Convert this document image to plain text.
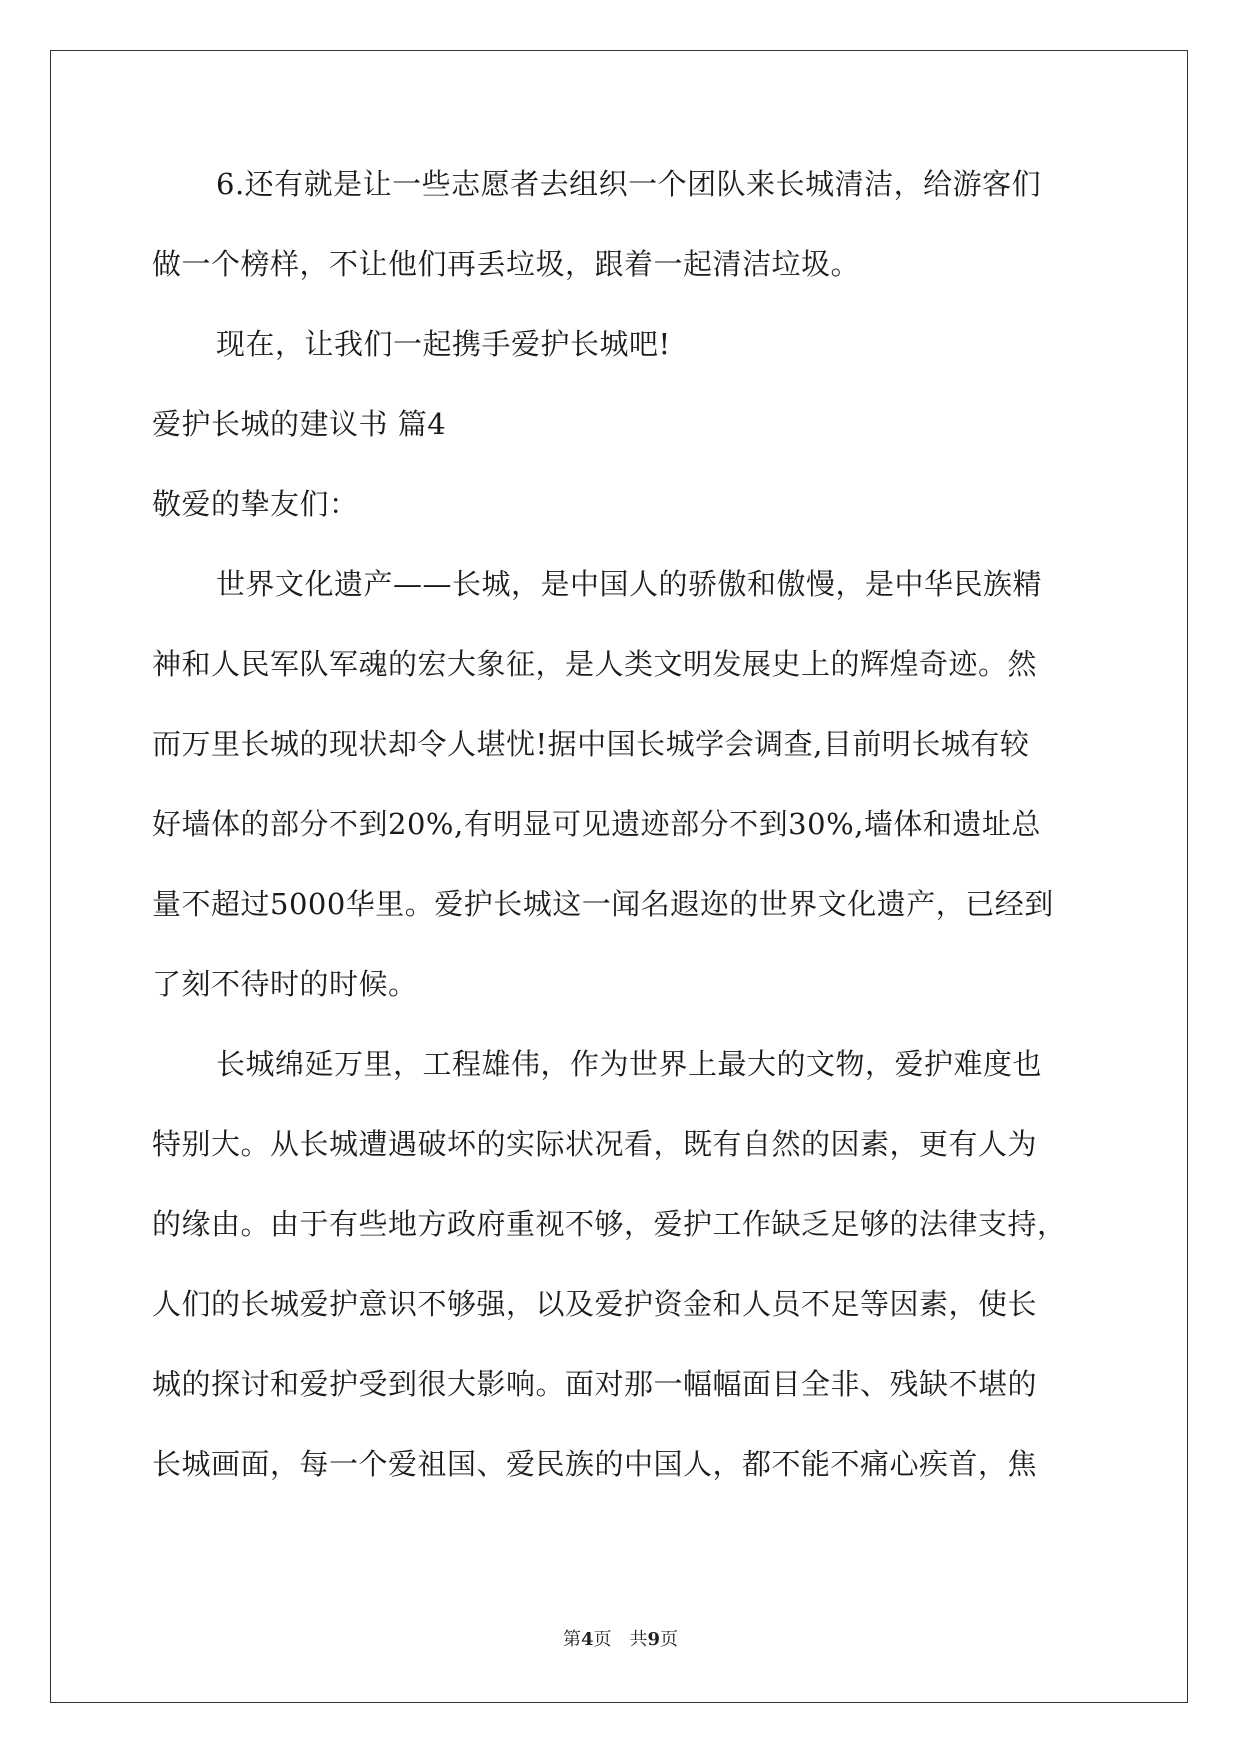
6.还有就是让一些志愿者去组织一个团队来长城清洁，给游客们
做一个榜样，不让他们再丢垃圾，跟着一起清洁垃圾。
现在，让我们一起携手爱护长城吧!
爱护长城的建议书 篇4
敬爱的挚友们：
世界文化遗产——长城，是中国人的骄傲和傲慢，是中华民族精
神和人民军队军魂的宏大象征，是人类文明发展史上的辉煌奇迹。然
而万里长城的现状却令人堪忧!据中国长城学会调查,目前明长城有较
好墙体的部分不到20%,有明显可见遗迹部分不到30%,墙体和遗址总
量不超过5000华里。爱护长城这一闻名遐迩的世界文化遗产，已经到
了刻不待时的时候。
长城绵延万里，工程雄伟，作为世界上最大的文物，爱护难度也
特别大。从长城遭遇破坏的实际状况看，既有自然的因素，更有人为
的缘由。由于有些地方政府重视不够，爱护工作缺乏足够的法律支持，
人们的长城爱护意识不够强，以及爱护资金和人员不足等因素，使长
城的探讨和爱护受到很大影响。面对那一幅幅面目全非、残缺不堪的
长城画面，每一个爱祖国、爱民族的中国人，都不能不痛心疾首，焦
第4页 共9页
